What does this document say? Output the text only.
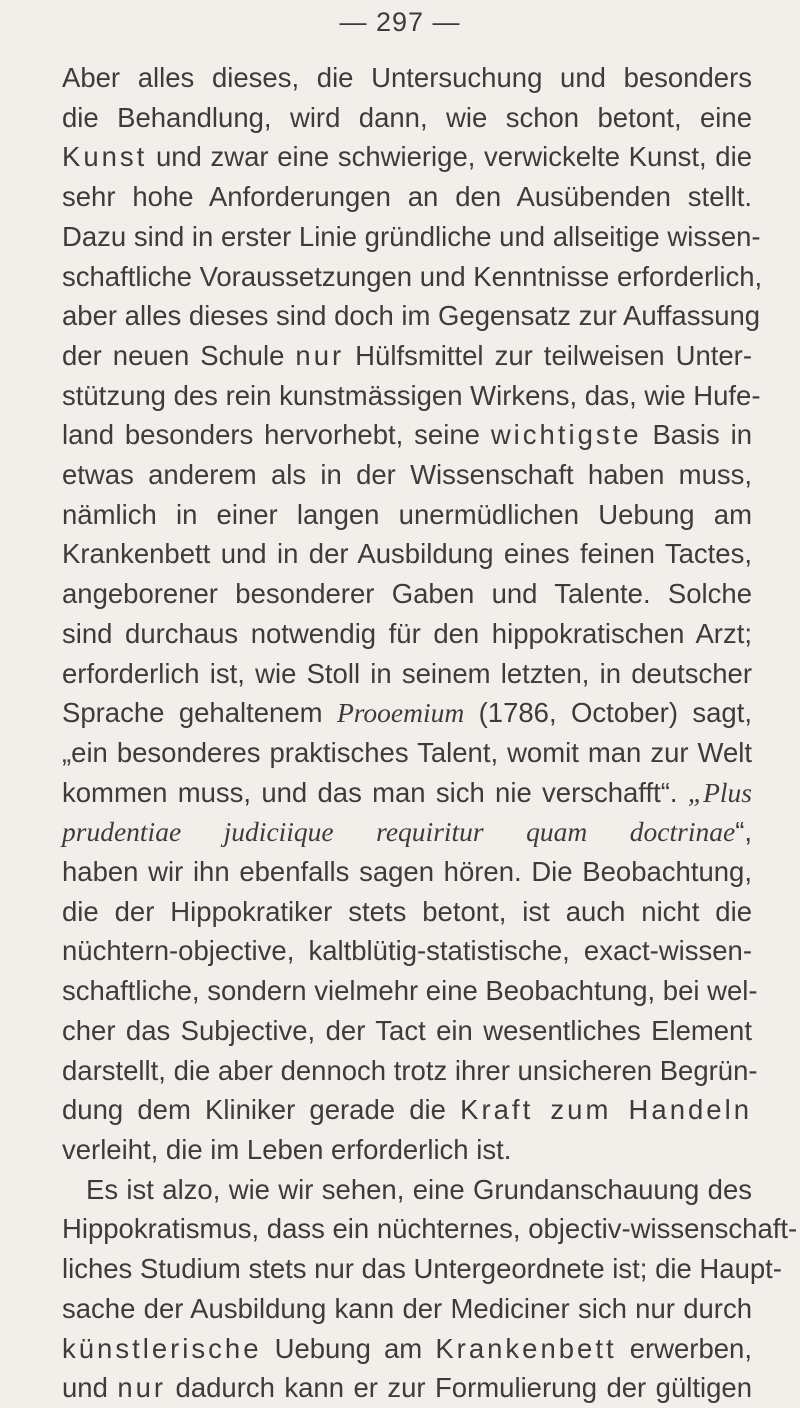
— 297 —
Aber alles dieses, die Untersuchung und besonders
die Behandlung, wird dann, wie schon betont, eine
Kunst und zwar eine schwierige, verwickelte Kunst, die
sehr hohe Anforderungen an den Ausübenden stellt.
Dazu sind in erster Linie gründliche und allseitige wissen-
schaftliche Voraussetzungen und Kenntnisse erforderlich,
aber alles dieses sind doch im Gegensatz zur Auffassung
der neuen Schule nur Hülfsmittel zur teilweisen Unter-
stützung des rein kunstmässigen Wirkens, das, wie Hufe-
land besonders hervorhebt, seine wichtigste Basis in
etwas anderem als in der Wissenschaft haben muss,
nämlich in einer langen unermüdlichen Uebung am
Krankenbett und in der Ausbildung eines feinen Tactes,
angeborener besonderer Gaben und Talente. Solche
sind durchaus notwendig für den hippokratischen Arzt;
erforderlich ist, wie Stoll in seinem letzten, in deutscher
Sprache gehaltenem Prooemium (1786, October) sagt,
„ein besonderes praktisches Talent, womit man zur Welt
kommen muss, und das man sich nie verschafft“. „Plus
prudentiae judiciique requiritur quam doctrinae“,
haben wir ihn ebenfalls sagen hören. Die Beobachtung,
die der Hippokratiker stets betont, ist auch nicht die
nüchtern-objective, kaltblütig-statistische, exact-wissen-
schaftliche, sondern vielmehr eine Beobachtung, bei wel-
cher das Subjective, der Tact ein wesentliches Element
darstellt, die aber dennoch trotz ihrer unsicheren Begrün-
dung dem Kliniker gerade die Kraft zum Handeln
verleiht, die im Leben erforderlich ist.
Es ist alzo, wie wir sehen, eine Grundanschauung des
Hippokratismus, dass ein nüchternes, objectiv-wissenschaft-
liches Studium stets nur das Untergeordnete ist; die Haupt-
sache der Ausbildung kann der Mediciner sich nur durch
künstlerische Uebung am Krankenbett erwerben,
und nur dadurch kann er zur Formulierung der gültigen
